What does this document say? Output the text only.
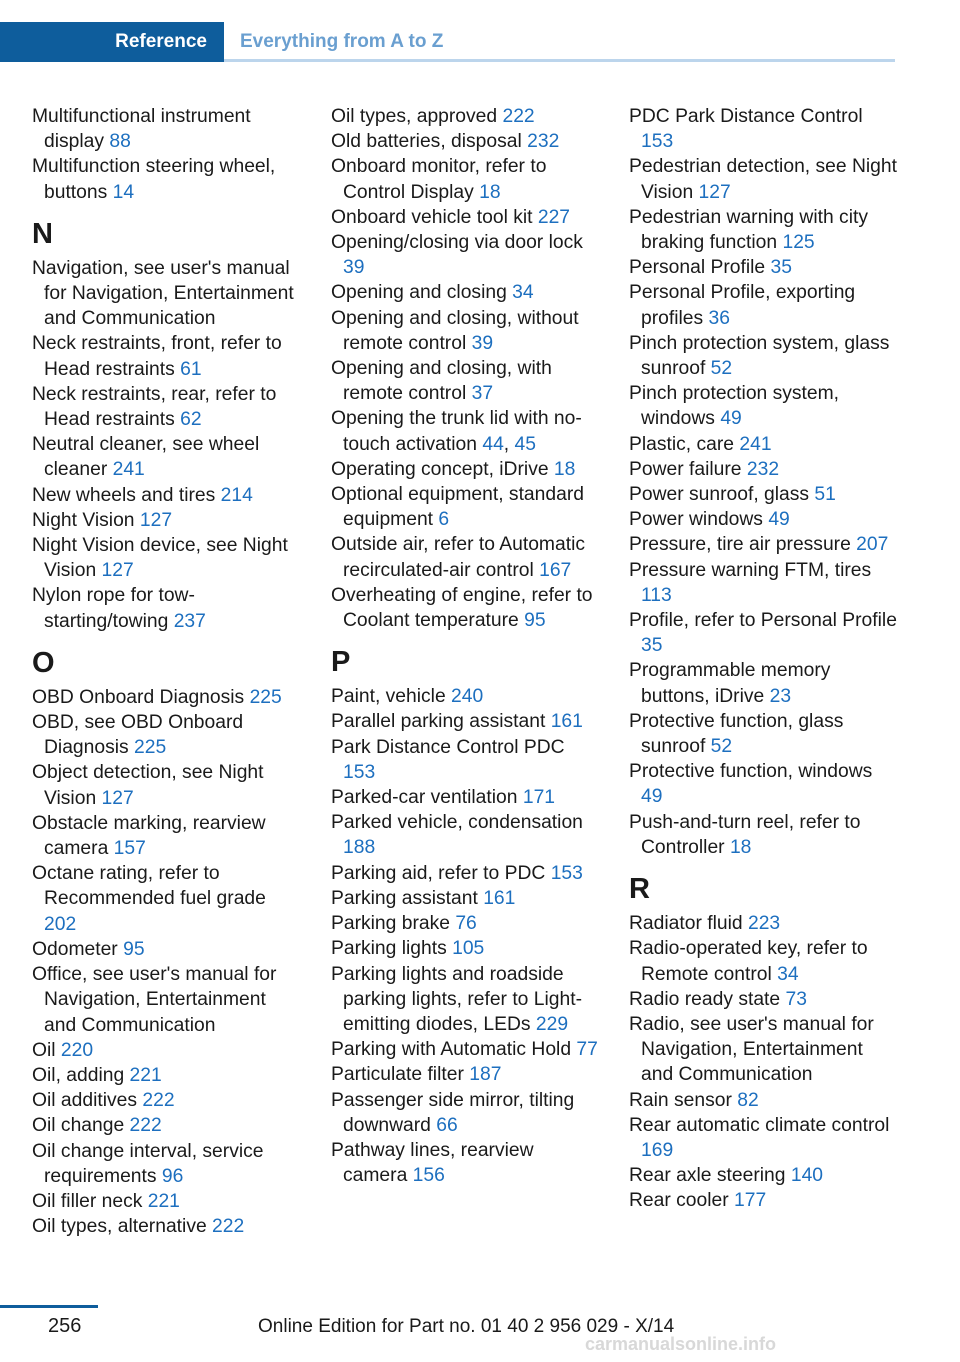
Reference	Everything from A to Z
Multifunctional instrument display 88
Multifunction steering wheel, buttons 14
N
Navigation, see user's manual for Navigation, Entertainment and Communication
Neck restraints, front, refer to Head restraints 61
Neck restraints, rear, refer to Head restraints 62
Neutral cleaner, see wheel cleaner 241
New wheels and tires 214
Night Vision 127
Night Vision device, see Night Vision 127
Nylon rope for tow-starting/towing 237
O
OBD Onboard Diagnosis 225
OBD, see OBD Onboard Diagnosis 225
Object detection, see Night Vision 127
Obstacle marking, rearview camera 157
Octane rating, refer to Recommended fuel grade 202
Odometer 95
Office, see user's manual for Navigation, Entertainment and Communication
Oil 220
Oil, adding 221
Oil additives 222
Oil change 222
Oil change interval, service requirements 96
Oil filler neck 221
Oil types, alternative 222
Oil types, approved 222
Old batteries, disposal 232
Onboard monitor, refer to Control Display 18
Onboard vehicle tool kit 227
Opening/closing via door lock 39
Opening and closing 34
Opening and closing, without remote control 39
Opening and closing, with remote control 37
Opening the trunk lid with no-touch activation 44, 45
Operating concept, iDrive 18
Optional equipment, standard equipment 6
Outside air, refer to Automatic recirculated-air control 167
Overheating of engine, refer to Coolant temperature 95
P
Paint, vehicle 240
Parallel parking assistant 161
Park Distance Control PDC 153
Parked-car ventilation 171
Parked vehicle, condensation 188
Parking aid, refer to PDC 153
Parking assistant 161
Parking brake 76
Parking lights 105
Parking lights and roadside parking lights, refer to Light-emitting diodes, LEDs 229
Parking with Automatic Hold 77
Particulate filter 187
Passenger side mirror, tilting downward 66
Pathway lines, rearview camera 156
PDC Park Distance Control 153
Pedestrian detection, see Night Vision 127
Pedestrian warning with city braking function 125
Personal Profile 35
Personal Profile, exporting profiles 36
Pinch protection system, glass sunroof 52
Pinch protection system, windows 49
Plastic, care 241
Power failure 232
Power sunroof, glass 51
Power windows 49
Pressure, tire air pressure 207
Pressure warning FTM, tires 113
Profile, refer to Personal Profile 35
Programmable memory buttons, iDrive 23
Protective function, glass sunroof 52
Protective function, windows 49
Push-and-turn reel, refer to Controller 18
R
Radiator fluid 223
Radio-operated key, refer to Remote control 34
Radio ready state 73
Radio, see user's manual for Navigation, Entertainment and Communication
Rain sensor 82
Rear automatic climate control 169
Rear axle steering 140
Rear cooler 177
256	Online Edition for Part no. 01 40 2 956 029 - X/14
carmanualsonline.info
